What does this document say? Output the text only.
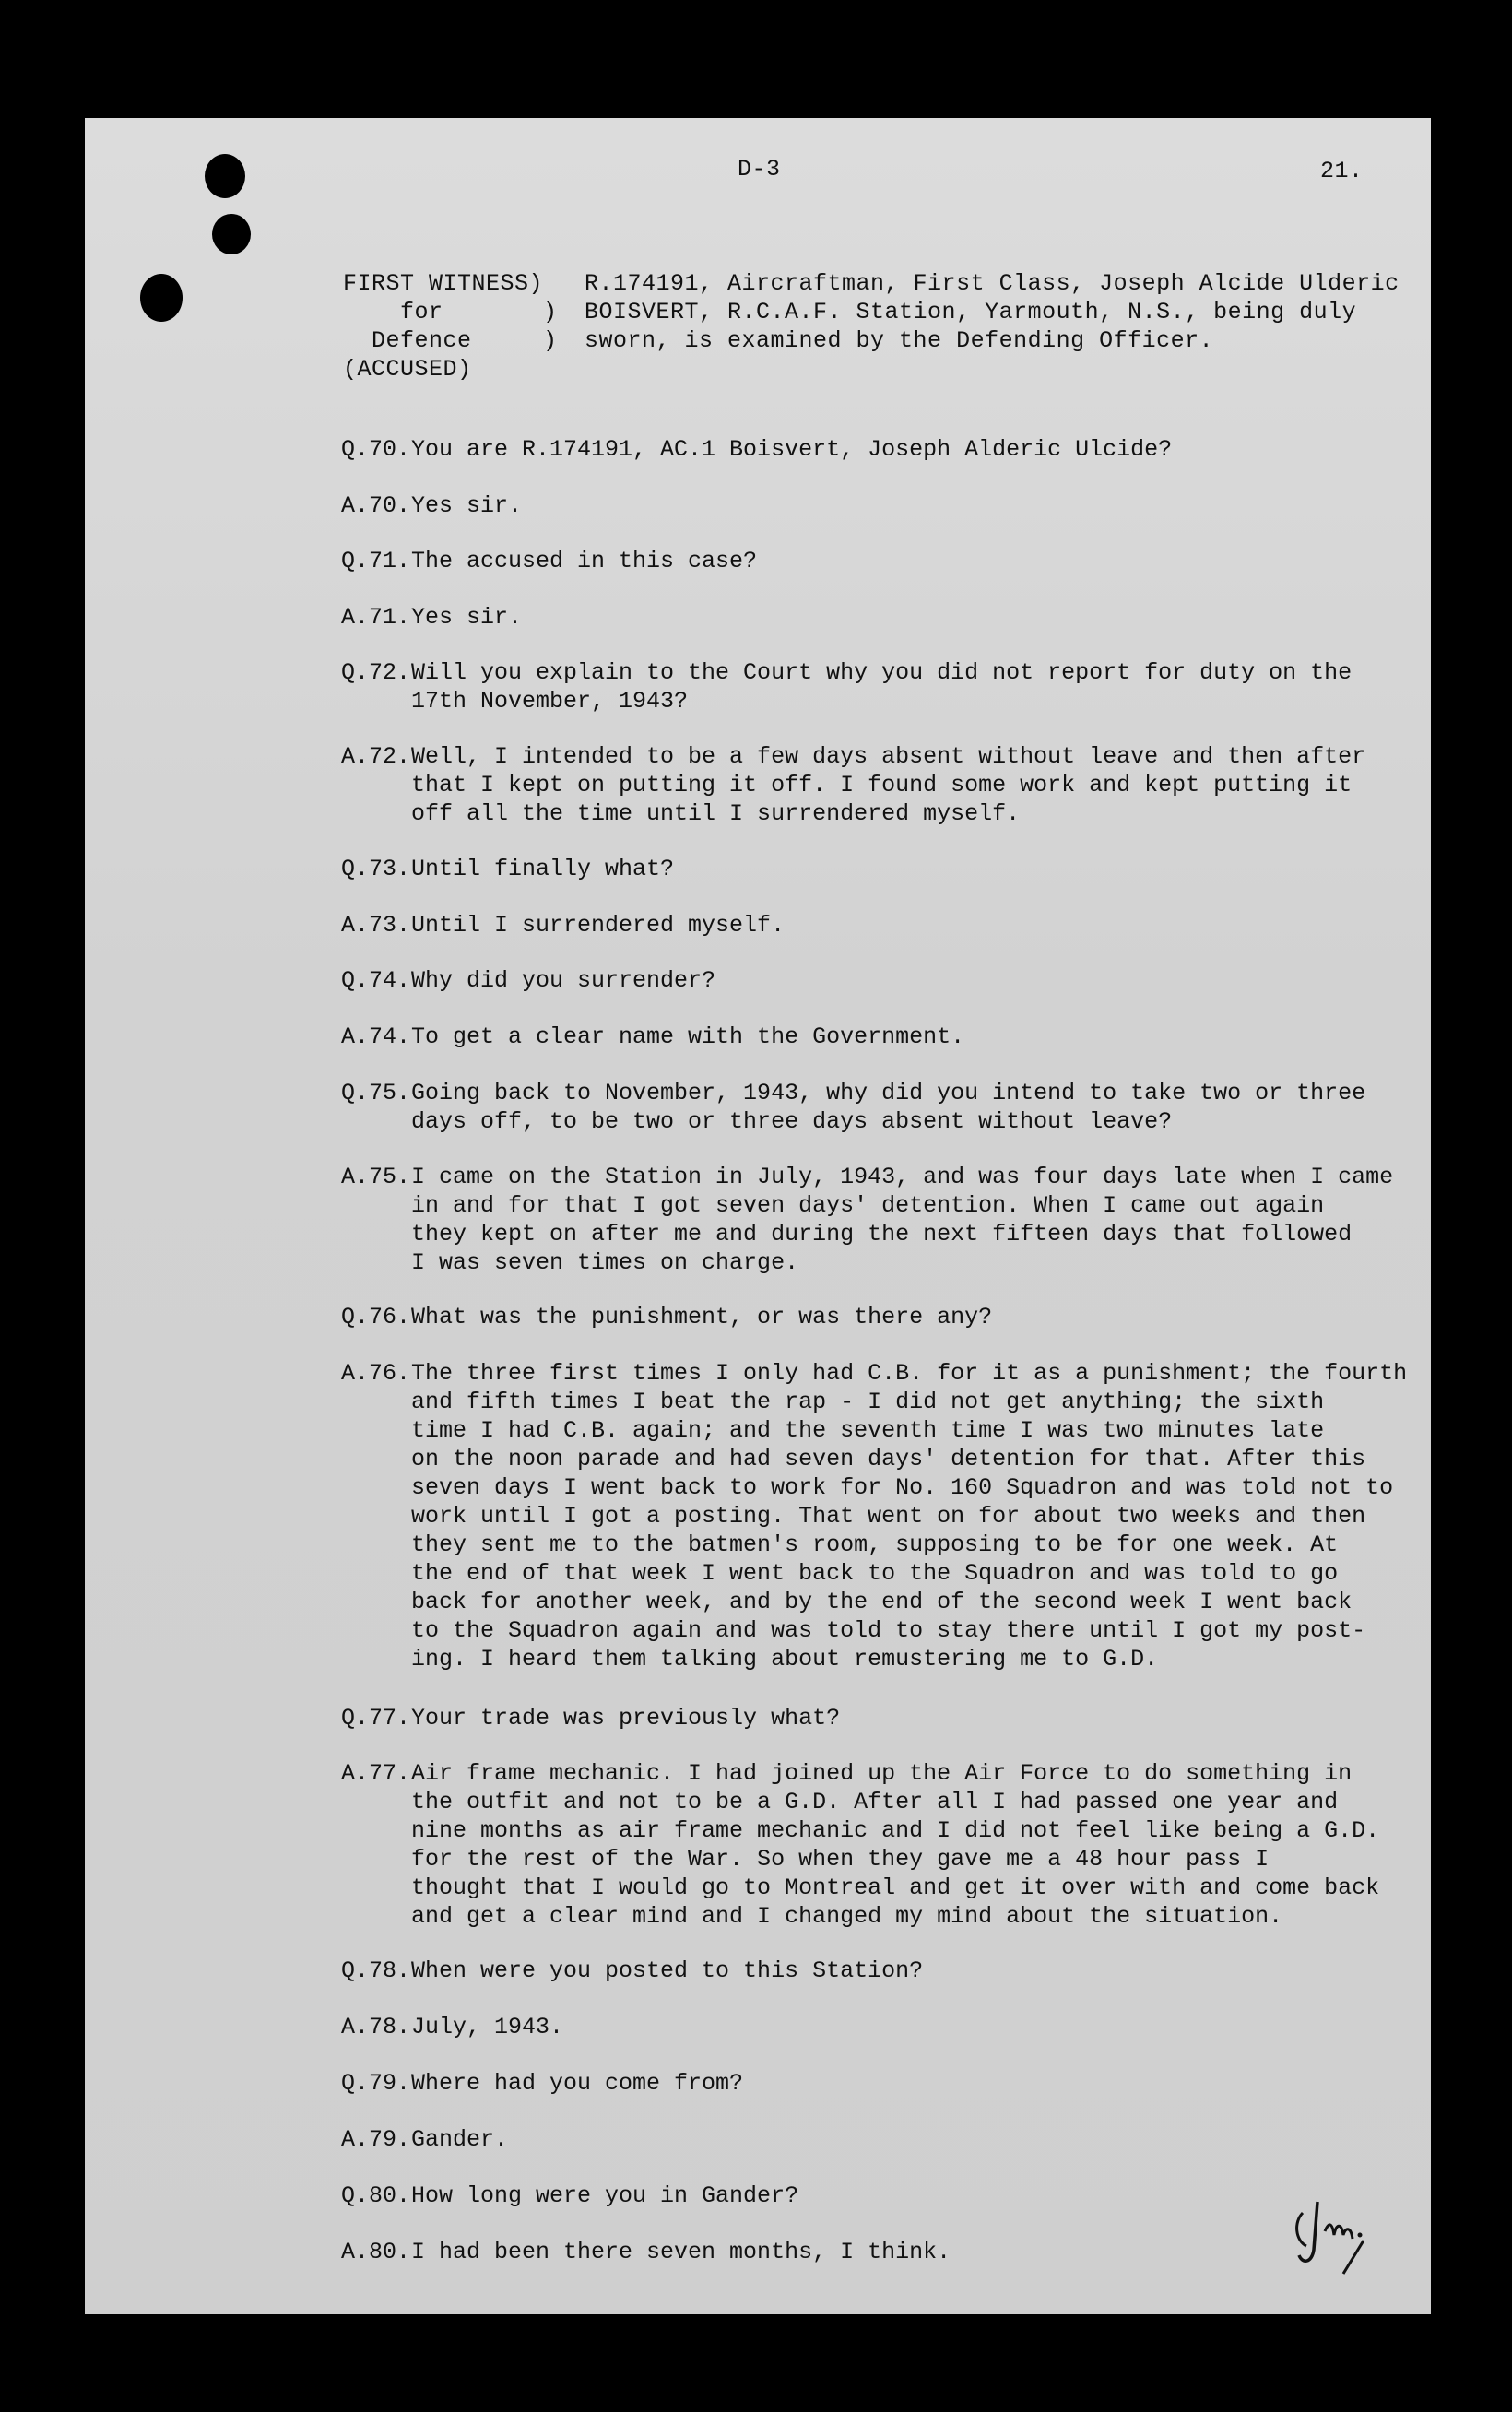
D-3	21.
FIRST WITNESS)
for       )
Defence     )
(ACCUSED)
R.174191, Aircraftman, First Class, Joseph Alcide Ulderic
BOISVERT, R.C.A.F. Station, Yarmouth, N.S., being duly
sworn, is examined by the Defending Officer.
Q.70. You are R.174191, AC.1 Boisvert, Joseph Alderic Ulcide?
A.70. Yes sir.
Q.71. The accused in this case?
A.71. Yes sir.
Q.72. Will you explain to the Court why you did not report for duty on the
17th November, 1943?
A.72. Well, I intended to be a few days absent without leave and then after
that I kept on putting it off. I found some work and kept putting it
off all the time until I surrendered myself.
Q.73. Until finally what?
A.73. Until I surrendered myself.
Q.74. Why did you surrender?
A.74. To get a clear name with the Government.
Q.75. Going back to November, 1943, why did you intend to take two or three
days off, to be two or three days absent without leave?
A.75. I came on the Station in July, 1943, and was four days late when I came
in and for that I got seven days' detention. When I came out again
they kept on after me and during the next fifteen days that followed
I was seven times on charge.
Q.76. What was the punishment, or was there any?
A.76. The three first times I only had C.B. for it as a punishment; the fourth
and fifth times I beat the rap - I did not get anything; the sixth
time I had C.B. again; and the seventh time I was two minutes late
on the noon parade and had seven days' detention for that. After this
seven days I went back to work for No. 160 Squadron and was told not to
work until I got a posting. That went on for about two weeks and then
they sent me to the batmen's room, supposing to be for one week. At
the end of that week I went back to the Squadron and was told to go
back for another week, and by the end of the second week I went back
to the Squadron again and was told to stay there until I got my post-
ing. I heard them talking about remustering me to G.D.
Q.77. Your trade was previously what?
A.77. Air frame mechanic. I had joined up the Air Force to do something in
the outfit and not to be a G.D. After all I had passed one year and
nine months as air frame mechanic and I did not feel like being a G.D.
for the rest of the War. So when they gave me a 48 hour pass I
thought that I would go to Montreal and get it over with and come back
and get a clear mind and I changed my mind about the situation.
Q.78. When were you posted to this Station?
A.78. July, 1943.
Q.79. Where had you come from?
A.79. Gander.
Q.80. How long were you in Gander?
A.80. I had been there seven months, I think.
